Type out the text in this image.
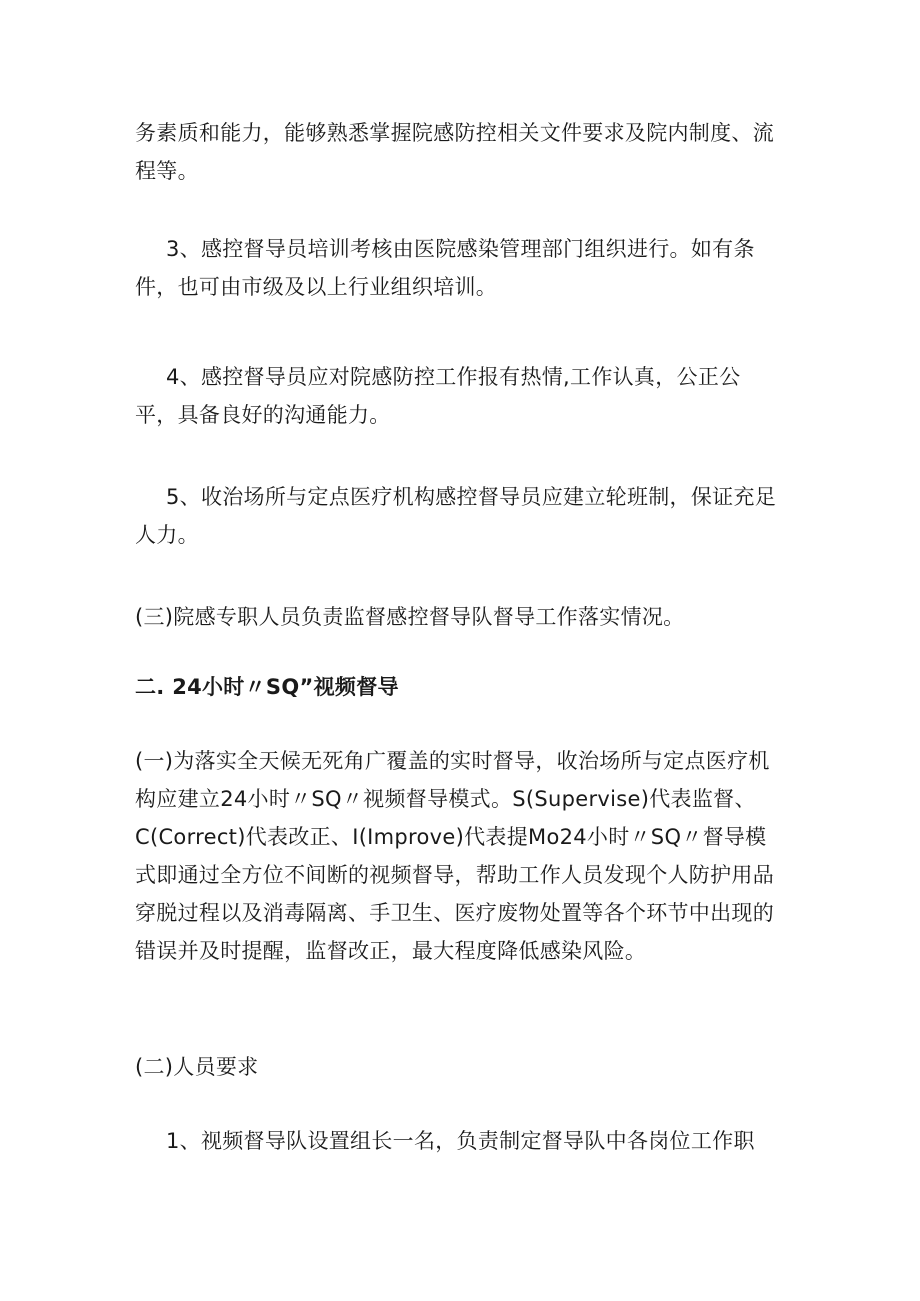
务素质和能力，能够熟悉掌握院感防控相关文件要求及院内制度、流
程等。

3、感控督导员培训考核由医院感染管理部门组织进行。如有条
件，也可由市级及以上行业组织培训。

4、感控督导员应对院感防控工作报有热情,工作认真，公正公
平，具备良好的沟通能力。

5、收治场所与定点医疗机构感控督导员应建立轮班制，保证充足
人力。

(三)院感专职人员负责监督感控督导队督导工作落实情况。

二. 24小时〃SQ”视频督导

(一)为落实全天候无死角广覆盖的实时督导，收治场所与定点医疗机
构应建立24小时〃SQ〃视频督导模式。S(Supervise)代表监督、
C(Correct)代表改正、I(Improve)代表提Mo24小时〃SQ〃督导模
式即通过全方位不间断的视频督导，帮助工作人员发现个人防护用品
穿脱过程以及消毒隔离、手卫生、医疗废物处置等各个环节中出现的
错误并及时提醒，监督改正，最大程度降低感染风险。

(二)人员要求

1、视频督导队设置组长一名，负责制定督导队中各岗位工作职
